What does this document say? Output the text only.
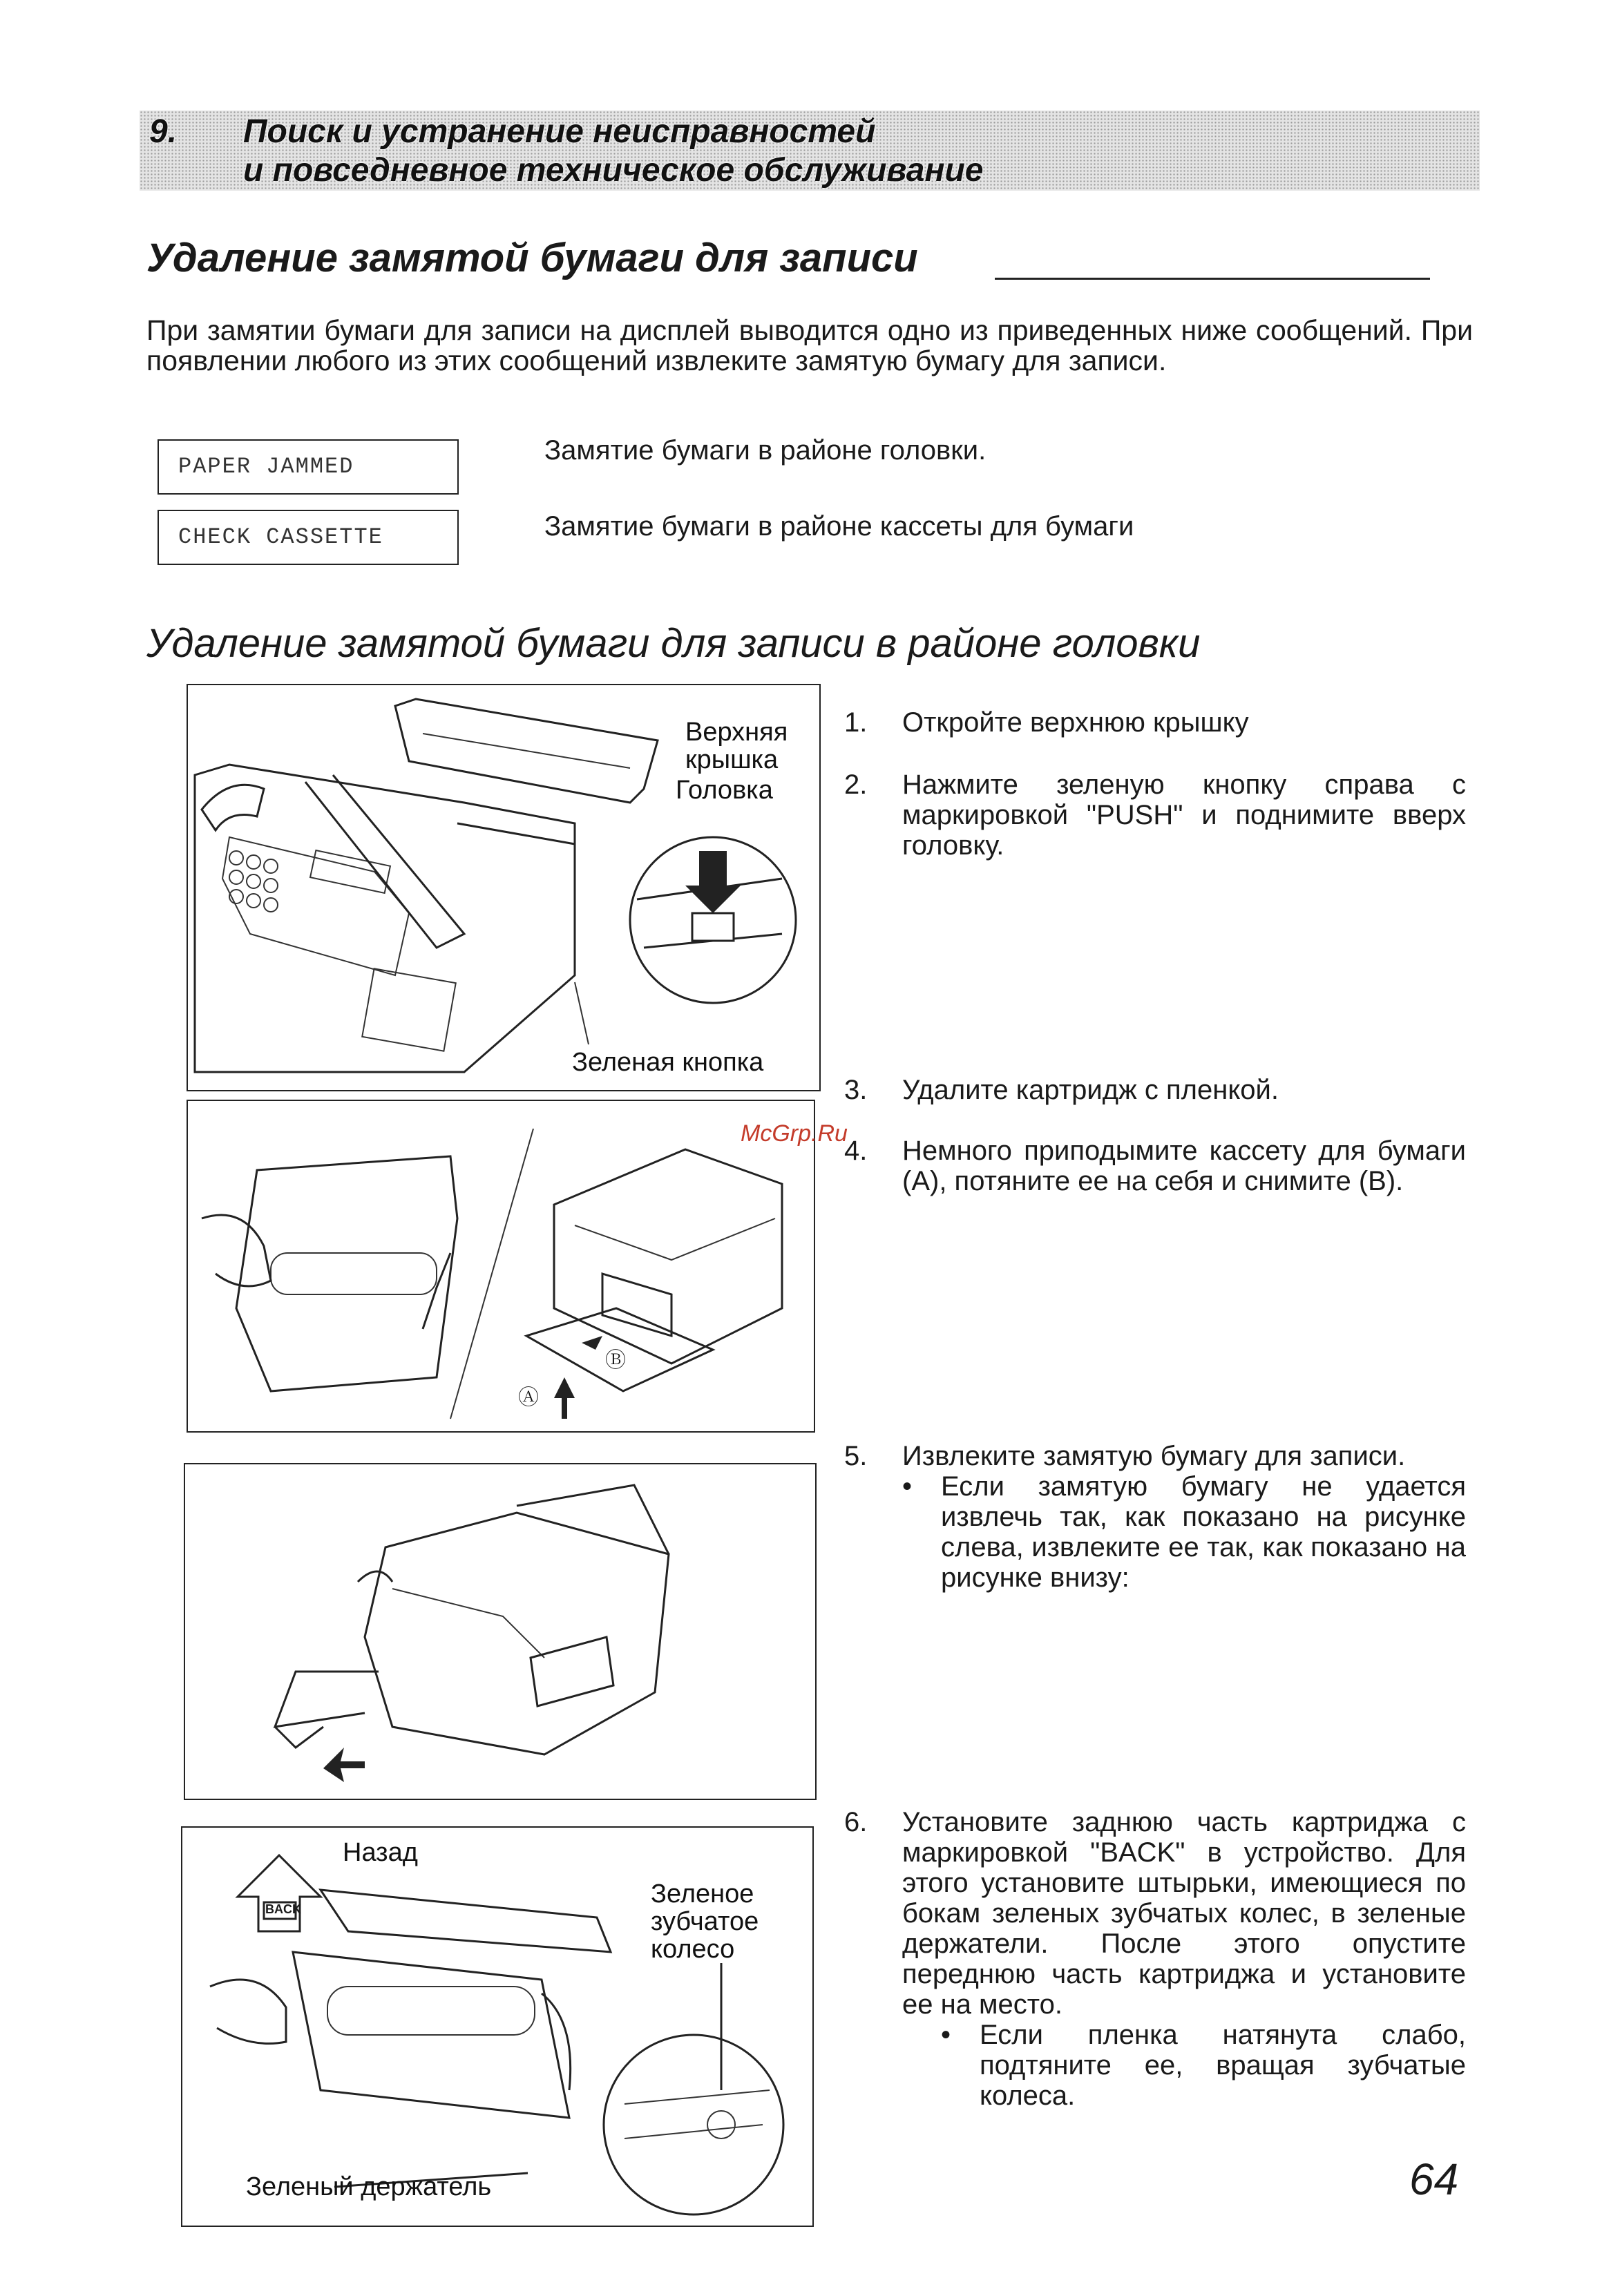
9. Поиск и устранение неисправностей
и повседневное техническое обслуживание
Удаление замятой бумаги для записи
При замятии бумаги для записи на дисплей выводится одно из приведенных ниже сообщений. При появлении любого из этих сообщений извлеките замятую бумагу для записи.
PAPER JAMMED
Замятие бумаги в районе головки.
CHECK CASSETTE	Замятие бумаги в районе кассеты для бумаги
Удаление замятой бумаги для записи в районе головки
Верхняя крышка
Головка
Зеленая кнопка
Ⓐ
Ⓑ
Назад
BACK
Зеленое зубчатое колесо
Зеленый держатель
1. Откройте верхнюю крышку
2. Нажмите зеленую кнопку справа с маркировкой "PUSH" и поднимите вверх головку.
3. Удалите картридж с пленкой.
4. Немного приподымите кассету для бумаги (A), потяните ее на себя и снимите (B).
McGrp.Ru
5. Извлеките замятую бумагу для записи.
• Если замятую бумагу не удается извлечь так, как показано на рисунке слева, извлеките ее так, как показано на рисунке внизу:
6. Установите заднюю часть картриджа с маркировкой "BACK" в устройство. Для этого установите штырьки, имеющиеся по бокам зеленых зубчатых колес, в зеленые держатели. После этого опустите переднюю часть картриджа и установите ее на место.
• Если пленка натянута слабо, подтяните ее, вращая зубчатые колеса.
64
